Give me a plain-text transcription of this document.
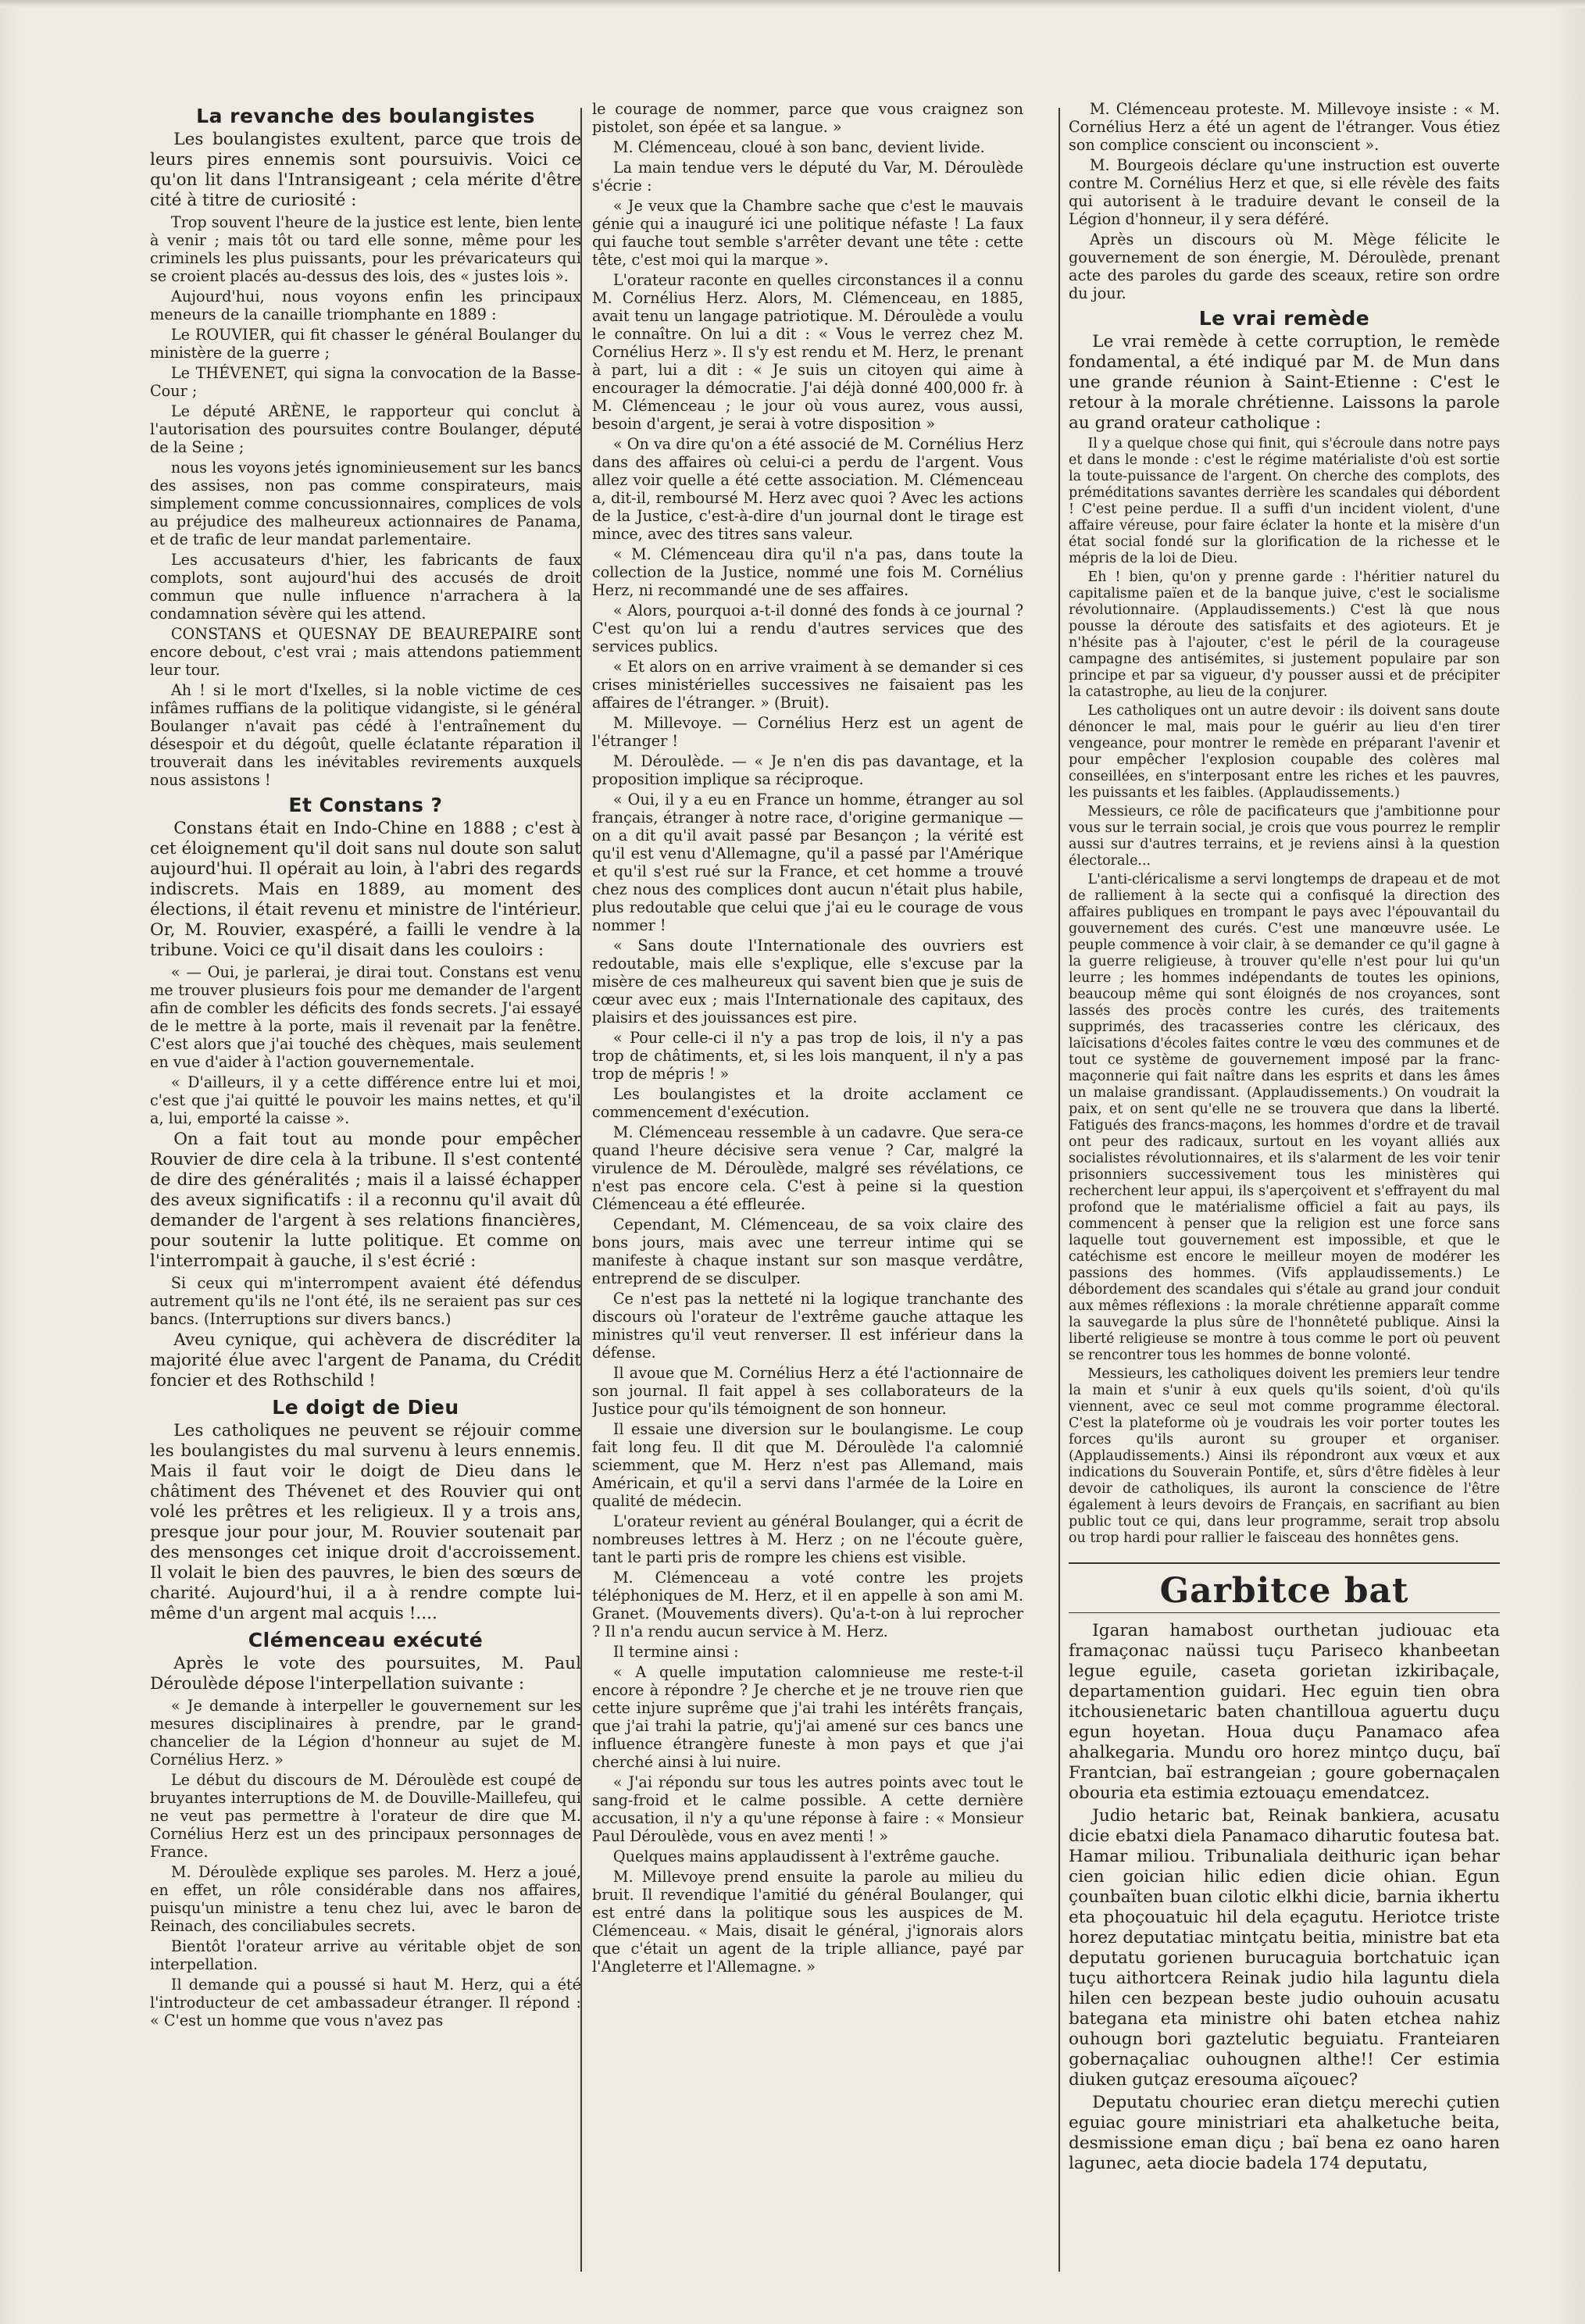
La revanche des boulangistes

Les boulangistes exultent, parce que trois de leurs pires ennemis sont poursuivis. Voici ce qu'on lit dans l'Intransigeant ; cela mérite d'être cité à titre de curiosité :

Trop souvent l'heure de la justice est lente, bien lente à venir ; mais tôt ou tard elle sonne, même pour les criminels les plus puissants, pour les prévaricateurs qui se croient placés au-dessus des lois, des « justes lois ».

Aujourd'hui, nous voyons enfin les principaux meneurs de la canaille triomphante en 1889 :

Le ROUVIER, qui fit chasser le général Boulanger du ministère de la guerre ;

Le THÉVENET, qui signa la convocation de la Basse-Cour ;

Le député ARÈNE, le rapporteur qui conclut à l'autorisation des poursuites contre Boulanger, député de la Seine ;

nous les voyons jetés ignominieusement sur les bancs des assises, non pas comme conspirateurs, mais simplement comme concussionnaires, complices de vols au préjudice des malheureux actionnaires de Panama, et de trafic de leur mandat parlementaire.

Les accusateurs d'hier, les fabricants de faux complots, sont aujourd'hui des accusés de droit commun que nulle influence n'arrachera à la condamnation sévère qui les attend.

CONSTANS et QUESNAY DE BEAUREPAIRE sont encore debout, c'est vrai ; mais attendons patiemment leur tour.

Ah ! si le mort d'Ixelles, si la noble victime de ces infâmes ruffians de la politique vidangiste, si le général Boulanger n'avait pas cédé à l'entraînement du désespoir et du dégoût, quelle éclatante réparation il trouverait dans les inévitables revirements auxquels nous assistons !

Et Constans ?

Constans était en Indo-Chine en 1888 ; c'est à cet éloignement qu'il doit sans nul doute son salut aujourd'hui. Il opérait au loin, à l'abri des regards indiscrets. Mais en 1889, au moment des élections, il était revenu et ministre de l'intérieur. Or, M. Rouvier, exaspéré, a failli le vendre à la tribune. Voici ce qu'il disait dans les couloirs :

« — Oui, je parlerai, je dirai tout. Constans est venu me trouver plusieurs fois pour me demander de l'argent afin de combler les déficits des fonds secrets. J'ai essayé de le mettre à la porte, mais il revenait par la fenêtre. C'est alors que j'ai touché des chèques, mais seulement en vue d'aider à l'action gouvernementale.

« D'ailleurs, il y a cette différence entre lui et moi, c'est que j'ai quitté le pouvoir les mains nettes, et qu'il a, lui, emporté la caisse ».

On a fait tout au monde pour empêcher Rouvier de dire cela à la tribune. Il s'est contenté de dire des généralités ; mais il a laissé échapper des aveux significatifs : il a reconnu qu'il avait dû demander de l'argent à ses relations financières, pour soutenir la lutte politique. Et comme on l'interrompait à gauche, il s'est écrié :

Si ceux qui m'interrompent avaient été défendus autrement qu'ils ne l'ont été, ils ne seraient pas sur ces bancs. (Interruptions sur divers bancs.)

Aveu cynique, qui achèvera de discréditer la majorité élue avec l'argent de Panama, du Crédit foncier et des Rothschild !

Le doigt de Dieu

Les catholiques ne peuvent se réjouir comme les boulangistes du mal survenu à leurs ennemis. Mais il faut voir le doigt de Dieu dans le châtiment des Thévenet et des Rouvier qui ont volé les prêtres et les religieux. Il y a trois ans, presque jour pour jour, M. Rouvier soutenait par des mensonges cet inique droit d'accroissement. Il volait le bien des pauvres, le bien des sœurs de charité. Aujourd'hui, il a à rendre compte lui-même d'un argent mal acquis !....

Clémenceau exécuté

Après le vote des poursuites, M. Paul Déroulède dépose l'interpellation suivante :

« Je demande à interpeller le gouvernement sur les mesures disciplinaires à prendre, par le grand-chancelier de la Légion d'honneur au sujet de M. Cornélius Herz. »

Le début du discours de M. Déroulède est coupé de bruyantes interruptions de M. de Douville-Maillefeu, qui ne veut pas permettre à l'orateur de dire que M. Cornélius Herz est un des principaux personnages de France.

M. Déroulède explique ses paroles. M. Herz a joué, en effet, un rôle considérable dans nos affaires, puisqu'un ministre a tenu chez lui, avec le baron de Reinach, des conciliabules secrets.

Bientôt l'orateur arrive au véritable objet de son interpellation.

Il demande qui a poussé si haut M. Herz, qui a été l'introducteur de cet ambassadeur étranger. Il répond : « C'est un homme que vous n'avez pas

le courage de nommer, parce que vous craignez son pistolet, son épée et sa langue. »

M. Clémenceau, cloué à son banc, devient livide.

La main tendue vers le député du Var, M. Déroulède s'écrie :

« Je veux que la Chambre sache que c'est le mauvais génie qui a inauguré ici une politique néfaste ! La faux qui fauche tout semble s'arrêter devant une tête : cette tête, c'est moi qui la marque ».

L'orateur raconte en quelles circonstances il a connu M. Cornélius Herz. Alors, M. Clémenceau, en 1885, avait tenu un langage patriotique. M. Déroulède a voulu le connaître. On lui a dit : « Vous le verrez chez M. Cornélius Herz ». Il s'y est rendu et M. Herz, le prenant à part, lui a dit : « Je suis un citoyen qui aime à encourager la démocratie. J'ai déjà donné 400,000 fr. à M. Clémenceau ; le jour où vous aurez, vous aussi, besoin d'argent, je serai à votre disposition »

« On va dire qu'on a été associé de M. Cornélius Herz dans des affaires où celui-ci a perdu de l'argent. Vous allez voir quelle a été cette association. M. Clémenceau a, dit-il, remboursé M. Herz avec quoi ? Avec les actions de la Justice, c'est-à-dire d'un journal dont le tirage est mince, avec des titres sans valeur.

« M. Clémenceau dira qu'il n'a pas, dans toute la collection de la Justice, nommé une fois M. Cornélius Herz, ni recommandé une de ses affaires.

« Alors, pourquoi a-t-il donné des fonds à ce journal ? C'est qu'on lui a rendu d'autres services que des services publics.

« Et alors on en arrive vraiment à se demander si ces crises ministérielles successives ne faisaient pas les affaires de l'étranger. » (Bruit).

M. Millevoye. — Cornélius Herz est un agent de l'étranger !

M. Déroulède. — « Je n'en dis pas davantage, et la proposition implique sa réciproque.

« Oui, il y a eu en France un homme, étranger au sol français, étranger à notre race, d'origine germanique — on a dit qu'il avait passé par Besançon ; la vérité est qu'il est venu d'Allemagne, qu'il a passé par l'Amérique et qu'il s'est rué sur la France, et cet homme a trouvé chez nous des complices dont aucun n'était plus habile, plus redoutable que celui que j'ai eu le courage de vous nommer !

« Sans doute l'Internationale des ouvriers est redoutable, mais elle s'explique, elle s'excuse par la misère de ces malheureux qui savent bien que je suis de cœur avec eux ; mais l'Internationale des capitaux, des plaisirs et des jouissances est pire.

« Pour celle-ci il n'y a pas trop de lois, il n'y a pas trop de châtiments, et, si les lois manquent, il n'y a pas trop de mépris ! »

Les boulangistes et la droite acclament ce commencement d'exécution.

M. Clémenceau ressemble à un cadavre. Que sera-ce quand l'heure décisive sera venue ? Car, malgré la virulence de M. Déroulède, malgré ses révélations, ce n'est pas encore cela. C'est à peine si la question Clémenceau a été effleurée.

Cependant, M. Clémenceau, de sa voix claire des bons jours, mais avec une terreur intime qui se manifeste à chaque instant sur son masque verdâtre, entreprend de se disculper.

Ce n'est pas la netteté ni la logique tranchante des discours où l'orateur de l'extrême gauche attaque les ministres qu'il veut renverser. Il est inférieur dans la défense.

Il avoue que M. Cornélius Herz a été l'actionnaire de son journal. Il fait appel à ses collaborateurs de la Justice pour qu'ils témoignent de son honneur.

Il essaie une diversion sur le boulangisme. Le coup fait long feu. Il dit que M. Déroulède l'a calomnié sciemment, que M. Herz n'est pas Allemand, mais Américain, et qu'il a servi dans l'armée de la Loire en qualité de médecin.

L'orateur revient au général Boulanger, qui a écrit de nombreuses lettres à M. Herz ; on ne l'écoute guère, tant le parti pris de rompre les chiens est visible.

M. Clémenceau a voté contre les projets téléphoniques de M. Herz, et il en appelle à son ami M. Granet. (Mouvements divers). Qu'a-t-on à lui reprocher ? Il n'a rendu aucun service à M. Herz.

Il termine ainsi :

« A quelle imputation calomnieuse me reste-t-il encore à répondre ? Je cherche et je ne trouve rien que cette injure suprême que j'ai trahi les intérêts français, que j'ai trahi la patrie, qu'j'ai amené sur ces bancs une influence étrangère funeste à mon pays et que j'ai cherché ainsi à lui nuire.

« J'ai répondu sur tous les autres points avec tout le sang-froid et le calme possible. A cette dernière accusation, il n'y a qu'une réponse à faire : « Monsieur Paul Déroulède, vous en avez menti ! »

Quelques mains applaudissent à l'extrême gauche.

M. Millevoye prend ensuite la parole au milieu du bruit. Il revendique l'amitié du général Boulanger, qui est entré dans la politique sous les auspices de M. Clémenceau. « Mais, disait le général, j'ignorais alors que c'était un agent de la triple alliance, payé par l'Angleterre et l'Allemagne. »

M. Clémenceau proteste. M. Millevoye insiste : « M. Cornélius Herz a été un agent de l'étranger. Vous étiez son complice conscient ou inconscient ».

M. Bourgeois déclare qu'une instruction est ouverte contre M. Cornélius Herz et que, si elle révèle des faits qui autorisent à le traduire devant le conseil de la Légion d'honneur, il y sera déféré.

Après un discours où M. Mège félicite le gouvernement de son énergie, M. Déroulède, prenant acte des paroles du garde des sceaux, retire son ordre du jour.

Le vrai remède

Le vrai remède à cette corruption, le remède fondamental, a été indiqué par M. de Mun dans une grande réunion à Saint-Etienne : C'est le retour à la morale chrétienne. Laissons la parole au grand orateur catholique :

Il y a quelque chose qui finit, qui s'écroule dans notre pays et dans le monde : c'est le régime matérialiste d'où est sortie la toute-puissance de l'argent. On cherche des complots, des préméditations savantes derrière les scandales qui débordent ! C'est peine perdue. Il a suffi d'un incident violent, d'une affaire véreuse, pour faire éclater la honte et la misère d'un état social fondé sur la glorification de la richesse et le mépris de la loi de Dieu.

Eh ! bien, qu'on y prenne garde : l'héritier naturel du capitalisme païen et de la banque juive, c'est le socialisme révolutionnaire. (Applaudissements.) C'est là que nous pousse la déroute des satisfaits et des agioteurs. Et je n'hésite pas à l'ajouter, c'est le péril de la courageuse campagne des antisémites, si justement populaire par son principe et par sa vigueur, d'y pousser aussi et de précipiter la catastrophe, au lieu de la conjurer.

Les catholiques ont un autre devoir : ils doivent sans doute dénoncer le mal, mais pour le guérir au lieu d'en tirer vengeance, pour montrer le remède en préparant l'avenir et pour empêcher l'explosion coupable des colères mal conseillées, en s'interposant entre les riches et les pauvres, les puissants et les faibles. (Applaudissements.)

Messieurs, ce rôle de pacificateurs que j'ambitionne pour vous sur le terrain social, je crois que vous pourrez le remplir aussi sur d'autres terrains, et je reviens ainsi à la question électorale...

L'anti-cléricalisme a servi longtemps de drapeau et de mot de ralliement à la secte qui a confisqué la direction des affaires publiques en trompant le pays avec l'épouvantail du gouvernement des curés. C'est une manœuvre usée. Le peuple commence à voir clair, à se demander ce qu'il gagne à la guerre religieuse, à trouver qu'elle n'est pour lui qu'un leurre ; les hommes indépendants de toutes les opinions, beaucoup même qui sont éloignés de nos croyances, sont lassés des procès contre les curés, des traitements supprimés, des tracasseries contre les cléricaux, des laïcisations d'écoles faites contre le vœu des communes et de tout ce système de gouvernement imposé par la franc-maçonnerie qui fait naître dans les esprits et dans les âmes un malaise grandissant. (Applaudissements.) On voudrait la paix, et on sent qu'elle ne se trouvera que dans la liberté. Fatigués des francs-maçons, les hommes d'ordre et de travail ont peur des radicaux, surtout en les voyant alliés aux socialistes révolutionnaires, et ils s'alarment de les voir tenir prisonniers successivement tous les ministères qui recherchent leur appui, ils s'aperçoivent et s'effrayent du mal profond que le matérialisme officiel a fait au pays, ils commencent à penser que la religion est une force sans laquelle tout gouvernement est impossible, et que le catéchisme est encore le meilleur moyen de modérer les passions des hommes. (Vifs applaudissements.) Le débordement des scandales qui s'étale au grand jour conduit aux mêmes réflexions : la morale chrétienne apparaît comme la sauvegarde la plus sûre de l'honnêteté publique. Ainsi la liberté religieuse se montre à tous comme le port où peuvent se rencontrer tous les hommes de bonne volonté.

Messieurs, les catholiques doivent les premiers leur tendre la main et s'unir à eux quels qu'ils soient, d'où qu'ils viennent, avec ce seul mot comme programme électoral. C'est la plateforme où je voudrais les voir porter toutes les forces qu'ils auront su grouper et organiser. (Applaudissements.) Ainsi ils répondront aux vœux et aux indications du Souverain Pontife, et, sûrs d'être fidèles à leur devoir de catholiques, ils auront la conscience de l'être également à leurs devoirs de Français, en sacrifiant au bien public tout ce qui, dans leur programme, serait trop absolu ou trop hardi pour rallier le faisceau des honnêtes gens.

Garbitce bat

Igaran hamabost ourthetan judiouac eta framaçonac naüssi tuçu Pariseco khanbeetan legue eguile, caseta gorietan izkiribaçale, departamention guidari. Hec eguin tien obra itchousienetaric baten chantilloua aguertu duçu egun hoyetan. Houa duçu Panamaco afea ahalkegaria. Mundu oro horez mintço duçu, baï Frantcian, baï estrangeian ; goure gobernaçalen obouria eta estimia eztouaçu emendatcez.

Judio hetaric bat, Reinak bankiera, acusatu dicie ebatxi diela Panamaco diharutic foutesa bat. Hamar miliou. Tribunaliala deithuric içan behar cien goician hilic edien dicie ohian. Egun çounbaïten buan cilotic elkhi dicie, barnia ikhertu eta phoçouatuic hil dela eçagutu. Heriotce triste horez deputatiac mintçatu beitia, ministre bat eta deputatu gorienen burucaguia bortchatuic içan tuçu aithortcera Reinak judio hila laguntu diela hilen cen bezpean beste judio ouhouin acusatu bategana eta ministre ohi baten etchea nahiz ouhougn bori gaztelutic beguiatu. Franteiaren gobernaçaliac ouhougnen althe!! Cer estimia diuken gutçaz eresouma aïçouec?

Deputatu chouriec eran dietçu merechi çutien eguiac goure ministriari eta ahalketuche beita, desmissione eman diçu ; baï bena ez oano haren lagunec, aeta diocie badela 174 deputatu,
